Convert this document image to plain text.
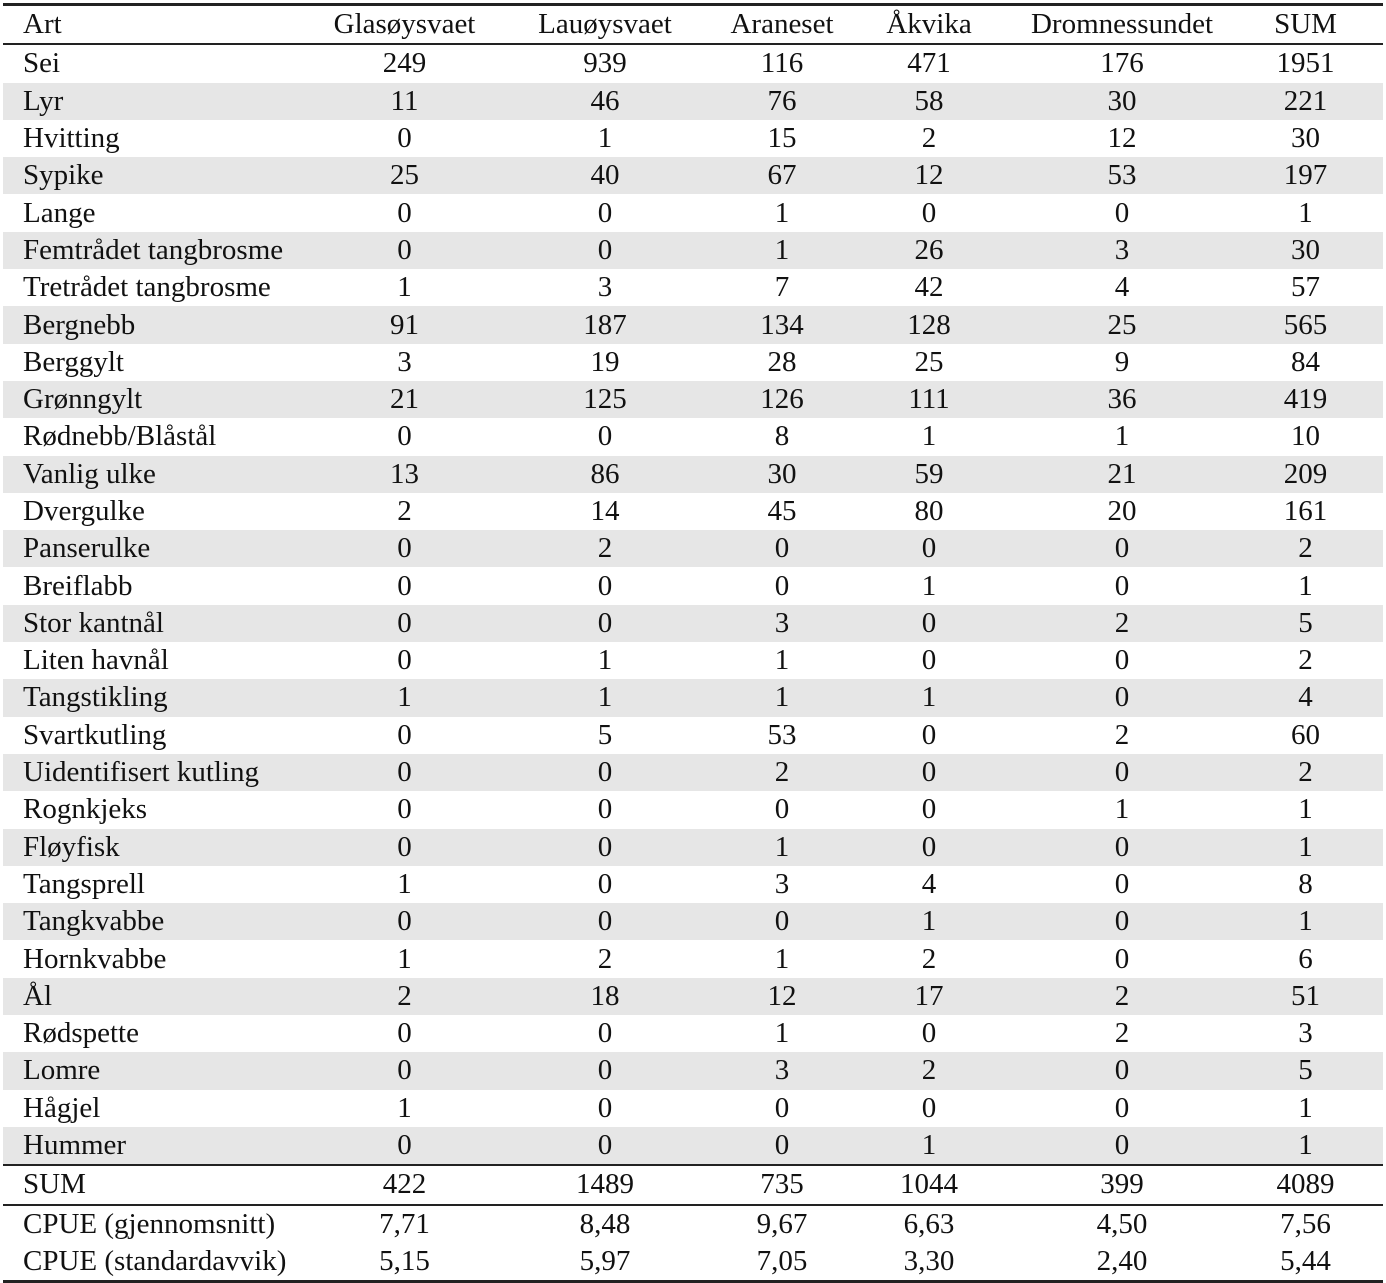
Art	Glasøysvaet	Lauøysvaet	Araneset	Åkvika	Dromnessundet	SUM
Sei	249	939	116	471	176	1951
Lyr	11	46	76	58	30	221
Hvitting	0	1	15	2	12	30
Sypike	25	40	67	12	53	197
Lange	0	0	1	0	0	1
Femtrådet tangbrosme	0	0	1	26	3	30
Tretrådet tangbrosme	1	3	7	42	4	57
Bergnebb	91	187	134	128	25	565
Berggylt	3	19	28	25	9	84
Grønngylt	21	125	126	111	36	419
Rødnebb/Blåstål	0	0	8	1	1	10
Vanlig ulke	13	86	30	59	21	209
Dvergulke	2	14	45	80	20	161
Panserulke	0	2	0	0	0	2
Breiflabb	0	0	0	1	0	1
Stor kantnål	0	0	3	0	2	5
Liten havnål	0	1	1	0	0	2
Tangstikling	1	1	1	1	0	4
Svartkutling	0	5	53	0	2	60
Uidentifisert kutling	0	0	2	0	0	2
Rognkjeks	0	0	0	0	1	1
Fløyfisk	0	0	1	0	0	1
Tangsprell	1	0	3	4	0	8
Tangkvabbe	0	0	0	1	0	1
Hornkvabbe	1	2	1	2	0	6
Ål	2	18	12	17	2	51
Rødspette	0	0	1	0	2	3
Lomre	0	0	3	2	0	5
Hågjel	1	0	0	0	0	1
Hummer	0	0	0	1	0	1
SUM	422	1489	735	1044	399	4089
CPUE (gjennomsnitt)	7,71	8,48	9,67	6,63	4,50	7,56
CPUE (standardavvik)	5,15	5,97	7,05	3,30	2,40	5,44
